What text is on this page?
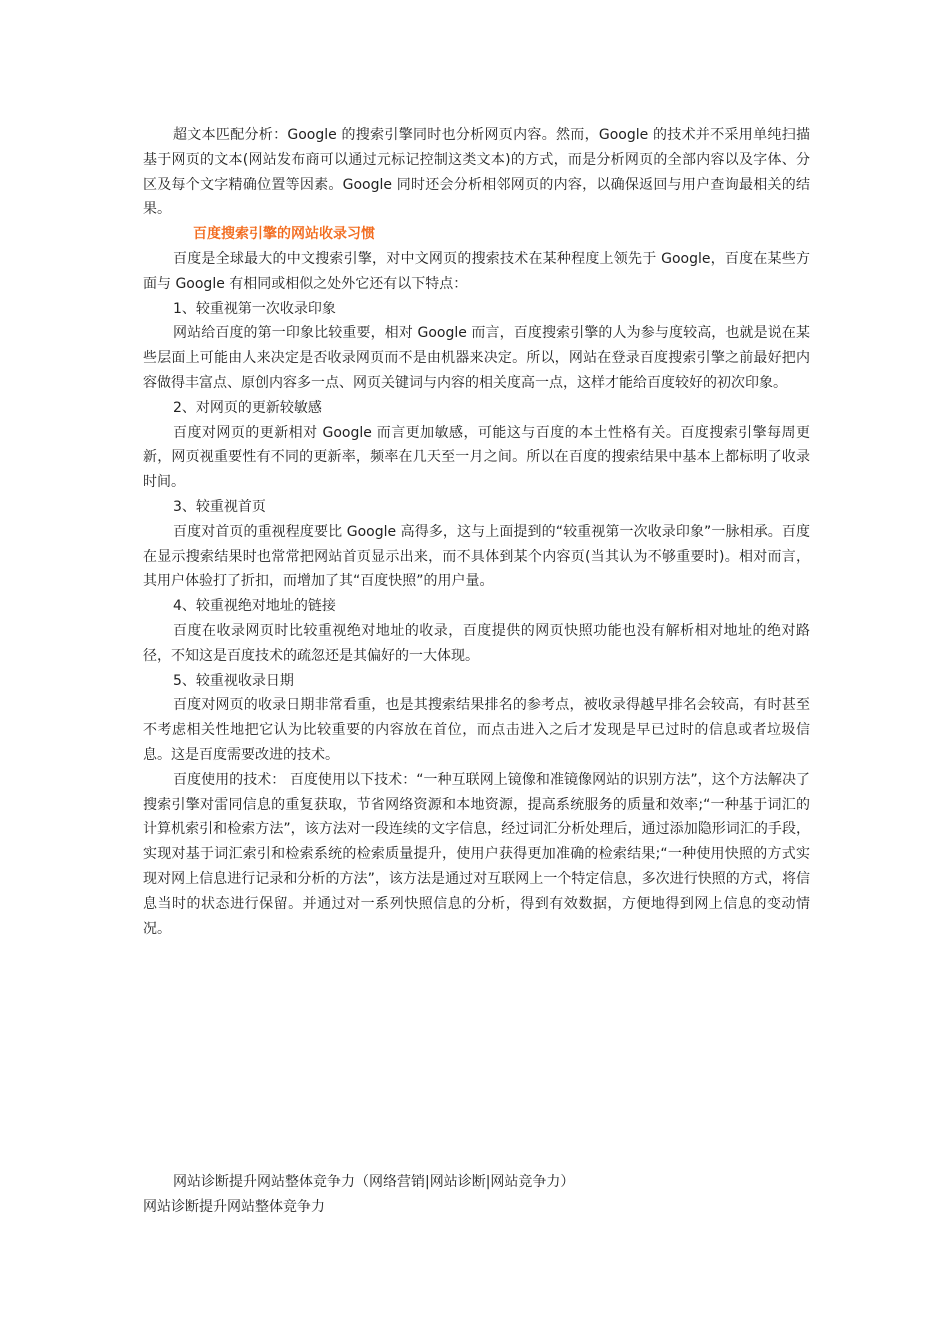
超文本匹配分析：Google 的搜索引擎同时也分析网页内容。然而，Google 的技术并不采用单纯扫描基于网页的文本(网站发布商可以通过元标记控制这类文本)的方式，而是分析网页的全部内容以及字体、分区及每个文字精确位置等因素。Google 同时还会分析相邻网页的内容，以确保返回与用户查询最相关的结果。

百度搜索引擎的网站收录习惯

百度是全球最大的中文搜索引擎，对中文网页的搜索技术在某种程度上领先于 Google，百度在某些方面与 Google 有相同或相似之处外它还有以下特点：

1、较重视第一次收录印象

网站给百度的第一印象比较重要，相对 Google 而言，百度搜索引擎的人为参与度较高，也就是说在某些层面上可能由人来决定是否收录网页而不是由机器来决定。所以，网站在登录百度搜索引擎之前最好把内容做得丰富点、原创内容多一点、网页关键词与内容的相关度高一点，这样才能给百度较好的初次印象。

2、对网页的更新较敏感

百度对网页的更新相对 Google 而言更加敏感，可能这与百度的本土性格有关。百度搜索引擎每周更新，网页视重要性有不同的更新率，频率在几天至一月之间。所以在百度的搜索结果中基本上都标明了收录时间。

3、较重视首页

百度对首页的重视程度要比 Google 高得多，这与上面提到的“较重视第一次收录印象”一脉相承。百度在显示搜索结果时也常常把网站首页显示出来，而不具体到某个内容页(当其认为不够重要时)。相对而言，其用户体验打了折扣，而增加了其“百度快照”的用户量。

4、较重视绝对地址的链接

百度在收录网页时比较重视绝对地址的收录，百度提供的网页快照功能也没有解析相对地址的绝对路径，不知这是百度技术的疏忽还是其偏好的一大体现。

5、较重视收录日期

百度对网页的收录日期非常看重，也是其搜索结果排名的参考点，被收录得越早排名会较高，有时甚至不考虑相关性地把它认为比较重要的内容放在首位，而点击进入之后才发现是早已过时的信息或者垃圾信息。这是百度需要改进的技术。

百度使用的技术： 百度使用以下技术：“一种互联网上镜像和准镜像网站的识别方法”，这个方法解决了搜索引擎对雷同信息的重复获取，节省网络资源和本地资源，提高系统服务的质量和效率;“一种基于词汇的计算机索引和检索方法”，该方法对一段连续的文字信息，经过词汇分析处理后，通过添加隐形词汇的手段，实现对基于词汇索引和检索系统的检索质量提升，使用户获得更加准确的检索结果;“一种使用快照的方式实现对网上信息进行记录和分析的方法”，该方法是通过对互联网上一个特定信息，多次进行快照的方式，将信息当时的状态进行保留。并通过对一系列快照信息的分析，得到有效数据，方便地得到网上信息的变动情况。

网站诊断提升网站整体竞争力（网络营销|网站诊断|网站竞争力）
网站诊断提升网站整体竞争力
